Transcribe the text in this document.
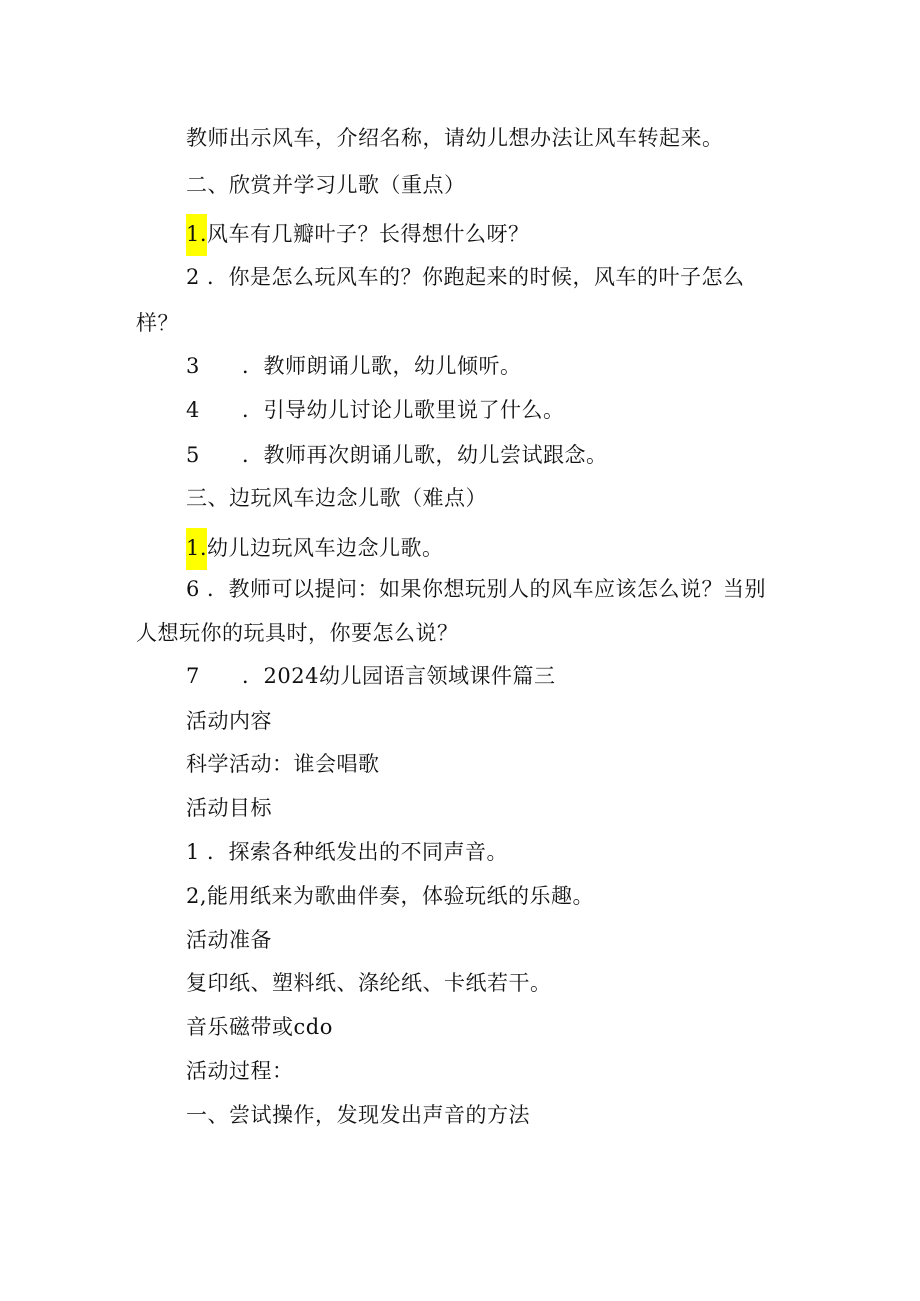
教师出示风车，介绍名称，请幼儿想办法让风车转起来。
二、欣赏并学习儿歌（重点）
1.风车有几瓣叶子？长得想什么呀？
2 ．你是怎么玩风车的？你跑起来的时候，风车的叶子怎么
样？
3 ．教师朗诵儿歌，幼儿倾听。
4 ．引导幼儿讨论儿歌里说了什么。
5 ．教师再次朗诵儿歌，幼儿尝试跟念。
三、边玩风车边念儿歌（难点）
1.幼儿边玩风车边念儿歌。
6 ．教师可以提问：如果你想玩别人的风车应该怎么说？当别
人想玩你的玩具时，你要怎么说？
7 ．2024幼儿园语言领域课件篇三
活动内容
科学活动：谁会唱歌
活动目标
1 ．探索各种纸发出的不同声音。
2,能用纸来为歌曲伴奏，体验玩纸的乐趣。
活动准备
复印纸、塑料纸、涤纶纸、卡纸若干。
音乐磁带或cdo
活动过程：
一、尝试操作，发现发出声音的方法
